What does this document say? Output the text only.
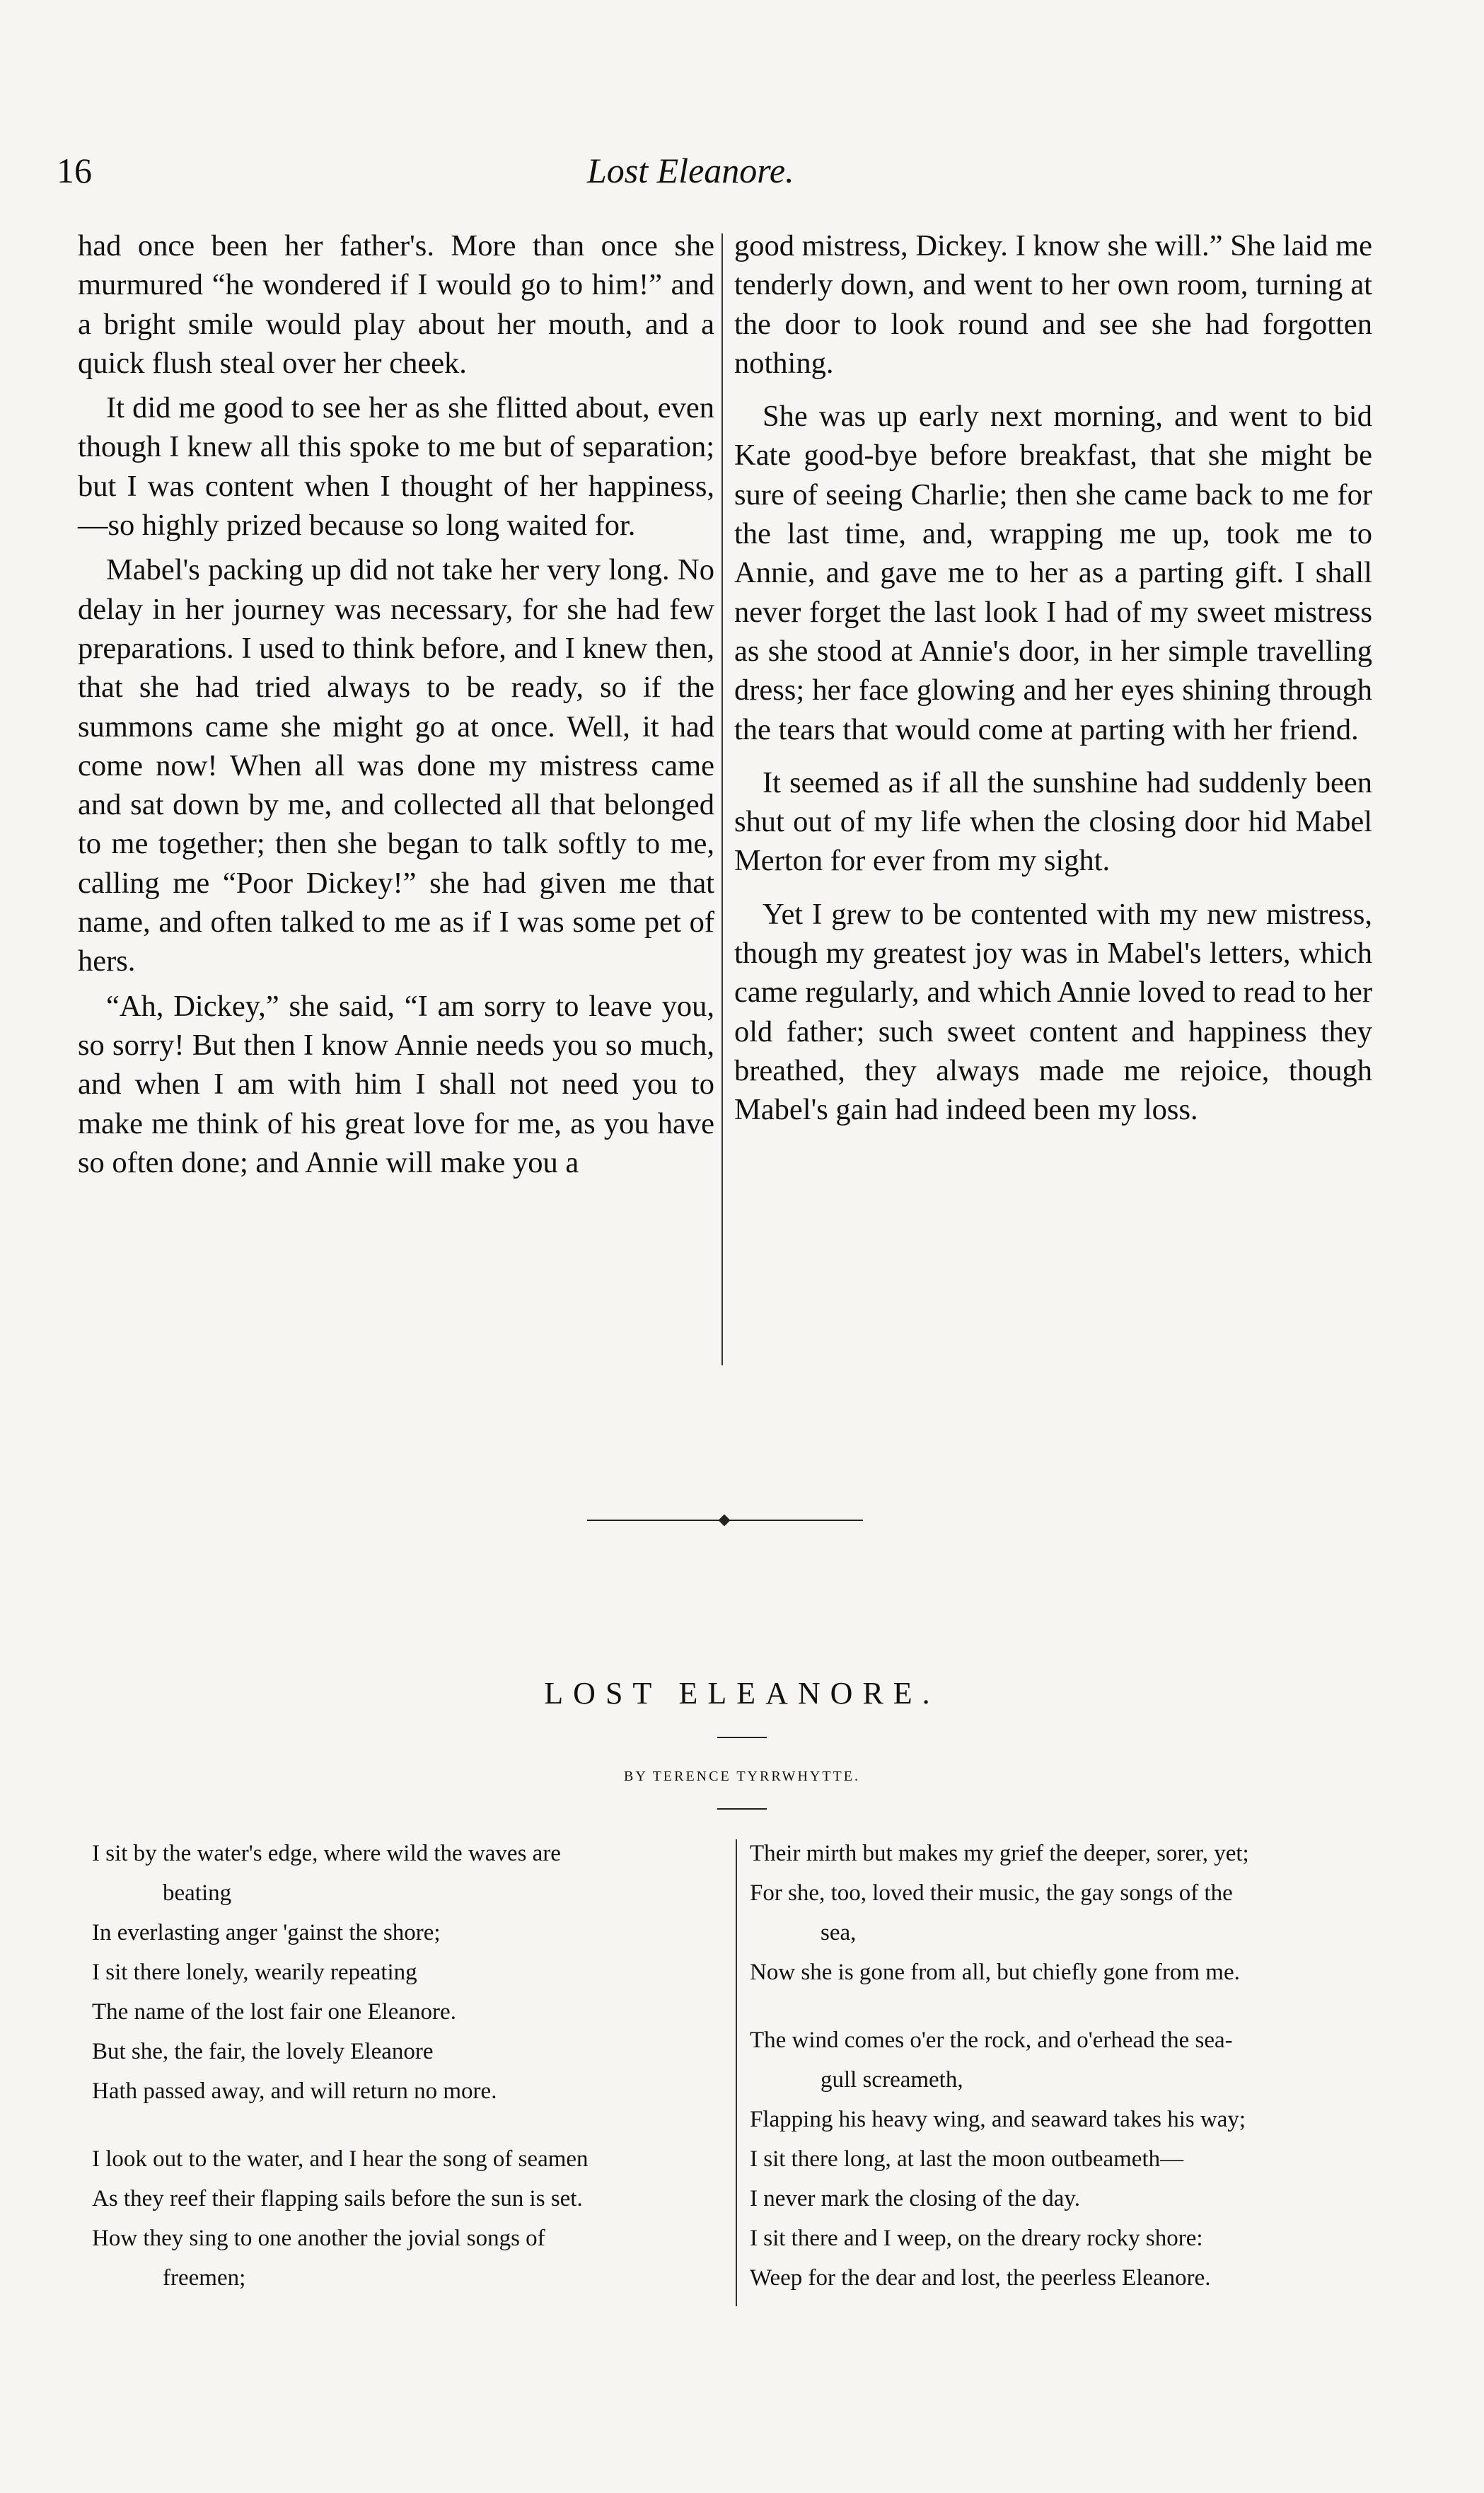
16	Lost Eleanore.

had once been her father's. More than once she murmured “he wondered if I would go to him!” and a bright smile would play about her mouth, and a quick flush steal over her cheek.

It did me good to see her as she flitted about, even though I knew all this spoke to me but of separation; but I was content when I thought of her happiness,—so highly prized because so long waited for.

Mabel's packing up did not take her very long. No delay in her journey was necessary, for she had few preparations. I used to think before, and I knew then, that she had tried always to be ready, so if the summons came she might go at once. Well, it had come now! When all was done my mistress came and sat down by me, and collected all that belonged to me together; then she began to talk softly to me, calling me “Poor Dickey!” she had given me that name, and often talked to me as if I was some pet of hers.

“Ah, Dickey,” she said, “I am sorry to leave you, so sorry! But then I know Annie needs you so much, and when I am with him I shall not need you to make me think of his great love for me, as you have so often done; and Annie will make you a

good mistress, Dickey. I know she will.” She laid me tenderly down, and went to her own room, turning at the door to look round and see she had forgotten nothing.

She was up early next morning, and went to bid Kate good-bye before breakfast, that she might be sure of seeing Charlie; then she came back to me for the last time, and, wrapping me up, took me to Annie, and gave me to her as a parting gift. I shall never forget the last look I had of my sweet mistress as she stood at Annie's door, in her simple travelling dress; her face glowing and her eyes shining through the tears that would come at parting with her friend.

It seemed as if all the sunshine had suddenly been shut out of my life when the closing door hid Mabel Merton for ever from my sight.

Yet I grew to be contented with my new mistress, though my greatest joy was in Mabel's letters, which came regularly, and which Annie loved to read to her old father; such sweet content and happiness they breathed, they always made me rejoice, though Mabel's gain had indeed been my loss.

LOST ELEANORE.
BY TERENCE TYRRWHYTTE.
I sit by the water's edge, where wild the waves are
beating
In everlasting anger 'gainst the shore;
I sit there lonely, wearily repeating
The name of the lost fair one Eleanore.
But she, the fair, the lovely Eleanore
Hath passed away, and will return no more.
I look out to the water, and I hear the song of seamen
As they reef their flapping sails before the sun is set.
How they sing to one another the jovial songs of
freemen;
Their mirth but makes my grief the deeper, sorer, yet;
For she, too, loved their music, the gay songs of the
sea,
Now she is gone from all, but chiefly gone from me.
The wind comes o'er the rock, and o'erhead the sea-
gull screameth,
Flapping his heavy wing, and seaward takes his way;
I sit there long, at last the moon outbeameth—
I never mark the closing of the day.
I sit there and I weep, on the dreary rocky shore:
Weep for the dear and lost, the peerless Eleanore.
